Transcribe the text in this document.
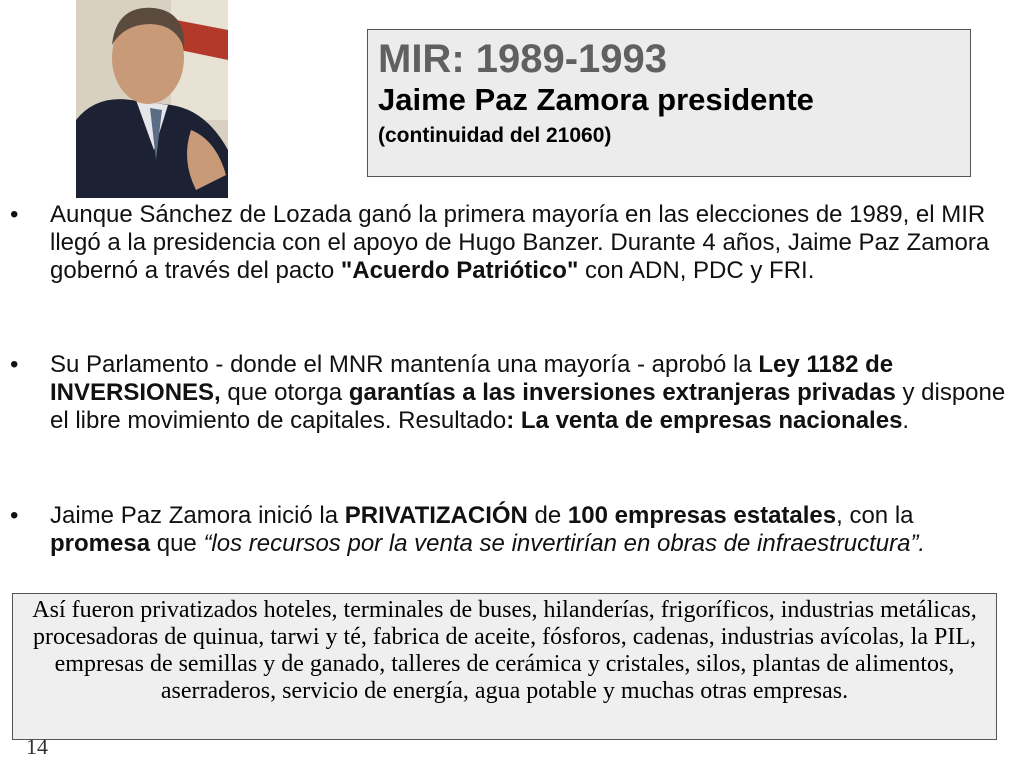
MIR: 1989-1993
Jaime Paz Zamora presidente
(continuidad del 21060)
• Aunque Sánchez de Lozada ganó la primera mayoría en las elecciones de 1989, el MIR llegó a la presidencia con el apoyo de Hugo Banzer. Durante 4 años, Jaime Paz Zamora gobernó a través del pacto "Acuerdo Patriótico" con ADN, PDC y FRI.
• Su Parlamento - donde el MNR mantenía una mayoría - aprobó la Ley 1182 de INVERSIONES, que otorga garantías a las inversiones extranjeras privadas y dispone el libre movimiento de capitales. Resultado: La venta de empresas nacionales.
• Jaime Paz Zamora inició la PRIVATIZACIÓN de 100 empresas estatales, con la promesa que “los recursos por la venta se invertirían en obras de infraestructura”.
Así fueron privatizados hoteles, terminales de buses, hilanderías, frigoríficos, industrias metálicas, procesadoras de quinua, tarwi y té, fabrica de aceite, fósforos, cadenas, industrias avícolas, la PIL, empresas de semillas y de ganado, talleres de cerámica y cristales, silos, plantas de alimentos, aserraderos, servicio de energía, agua potable y muchas otras empresas.
14
